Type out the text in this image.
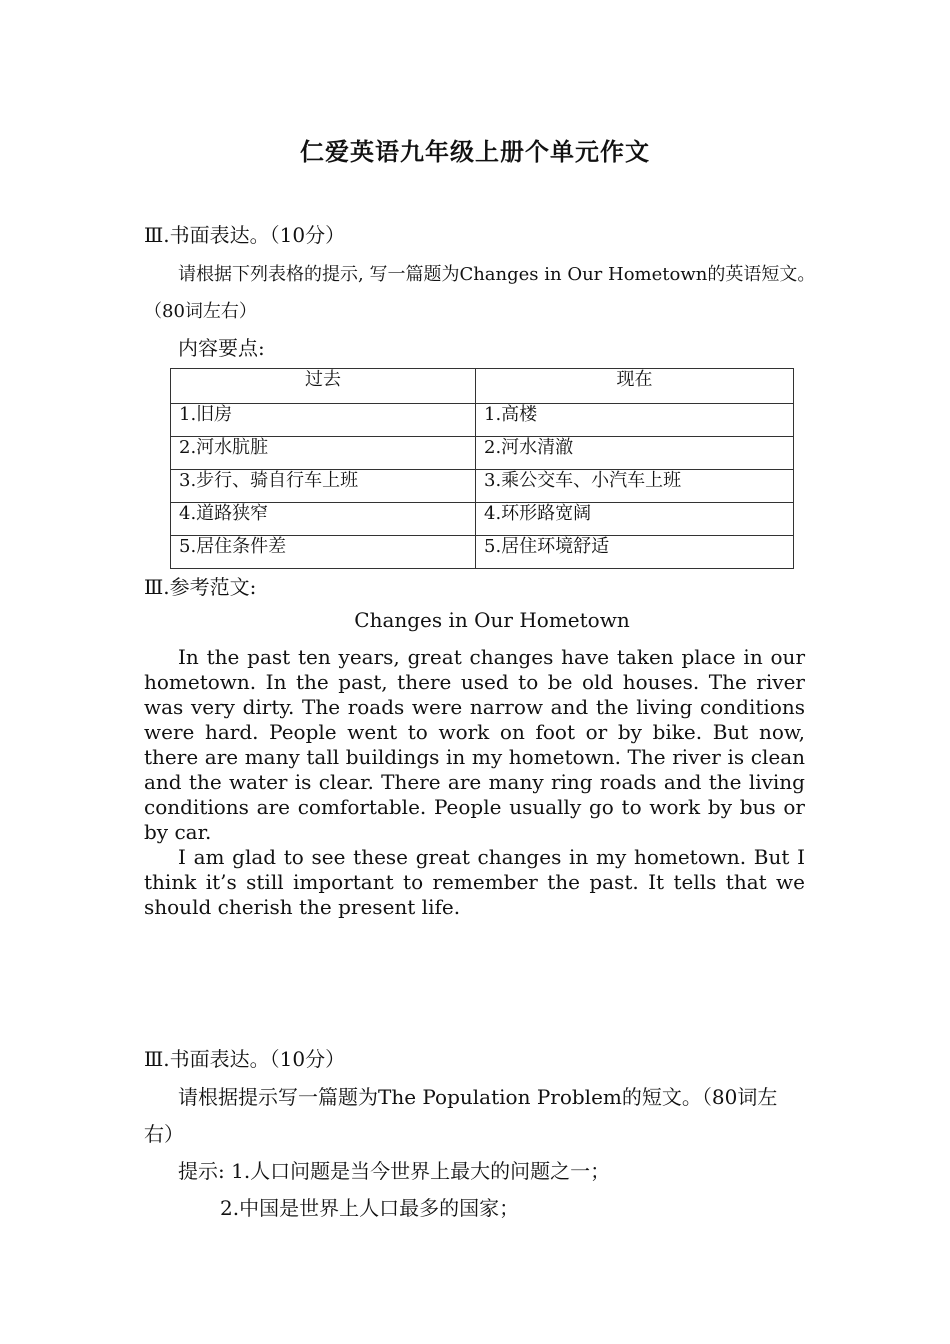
仁爱英语九年级上册个单元作文
Ⅲ.书面表达。（10分）
请根据下列表格的提示, 写一篇题为Changes in Our Hometown的英语短文。
（80词左右）
内容要点:
过去	现在
1.旧房	1.高楼
2.河水肮脏	2.河水清澈
3.步行、骑自行车上班	3.乘公交车、小汽车上班
4.道路狭窄	4.环形路宽阔
5.居住条件差	5.居住环境舒适
Ⅲ.参考范文:
Changes in Our Hometown

In the past ten years, great changes have taken place in our hometown. In the past, there used to be old houses. The river was very dirty. The roads were narrow and the living conditions were hard. People went to work on foot or by bike. But now, there are many tall buildings in my hometown. The river is clean and the water is clear. There are many ring roads and the living conditions are comfortable. People usually go to work by bus or by car.

I am glad to see these great changes in my hometown. But I think it’s still important to remember the past. It tells that we should cherish the present life.

Ⅲ.书面表达。（10分）
请根据提示写一篇题为The Population Problem的短文。（80词左
右）
提示: 1.人口问题是当今世界上最大的问题之一；
2.中国是世界上人口最多的国家；
